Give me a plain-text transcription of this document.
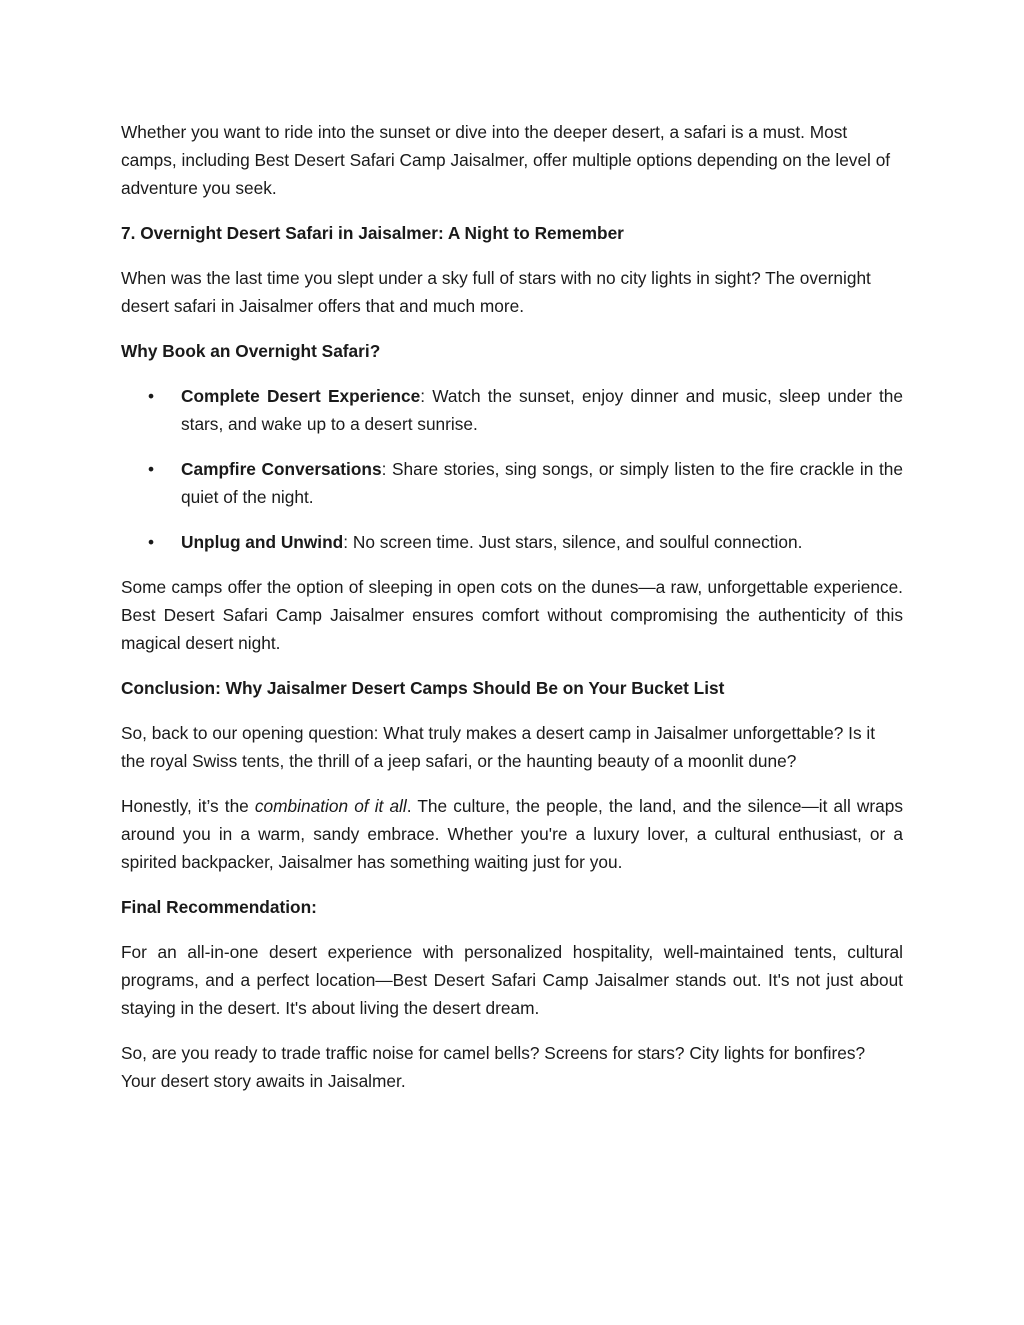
Whether you want to ride into the sunset or dive into the deeper desert, a safari is a must. Most camps, including Best Desert Safari Camp Jaisalmer, offer multiple options depending on the level of adventure you seek.

7. Overnight Desert Safari in Jaisalmer: A Night to Remember

When was the last time you slept under a sky full of stars with no city lights in sight? The overnight desert safari in Jaisalmer offers that and much more.

Why Book an Overnight Safari?

• Complete Desert Experience: Watch the sunset, enjoy dinner and music, sleep under the stars, and wake up to a desert sunrise.
• Campfire Conversations: Share stories, sing songs, or simply listen to the fire crackle in the quiet of the night.
• Unplug and Unwind: No screen time. Just stars, silence, and soulful connection.

Some camps offer the option of sleeping in open cots on the dunes—a raw, unforgettable experience. Best Desert Safari Camp Jaisalmer ensures comfort without compromising the authenticity of this magical desert night.

Conclusion: Why Jaisalmer Desert Camps Should Be on Your Bucket List

So, back to our opening question: What truly makes a desert camp in Jaisalmer unforgettable? Is it the royal Swiss tents, the thrill of a jeep safari, or the haunting beauty of a moonlit dune?

Honestly, it’s the combination of it all. The culture, the people, the land, and the silence—it all wraps around you in a warm, sandy embrace. Whether you're a luxury lover, a cultural enthusiast, or a spirited backpacker, Jaisalmer has something waiting just for you.

Final Recommendation:

For an all-in-one desert experience with personalized hospitality, well-maintained tents, cultural programs, and a perfect location—Best Desert Safari Camp Jaisalmer stands out. It's not just about staying in the desert. It's about living the desert dream.

So, are you ready to trade traffic noise for camel bells? Screens for stars? City lights for bonfires? Your desert story awaits in Jaisalmer.
